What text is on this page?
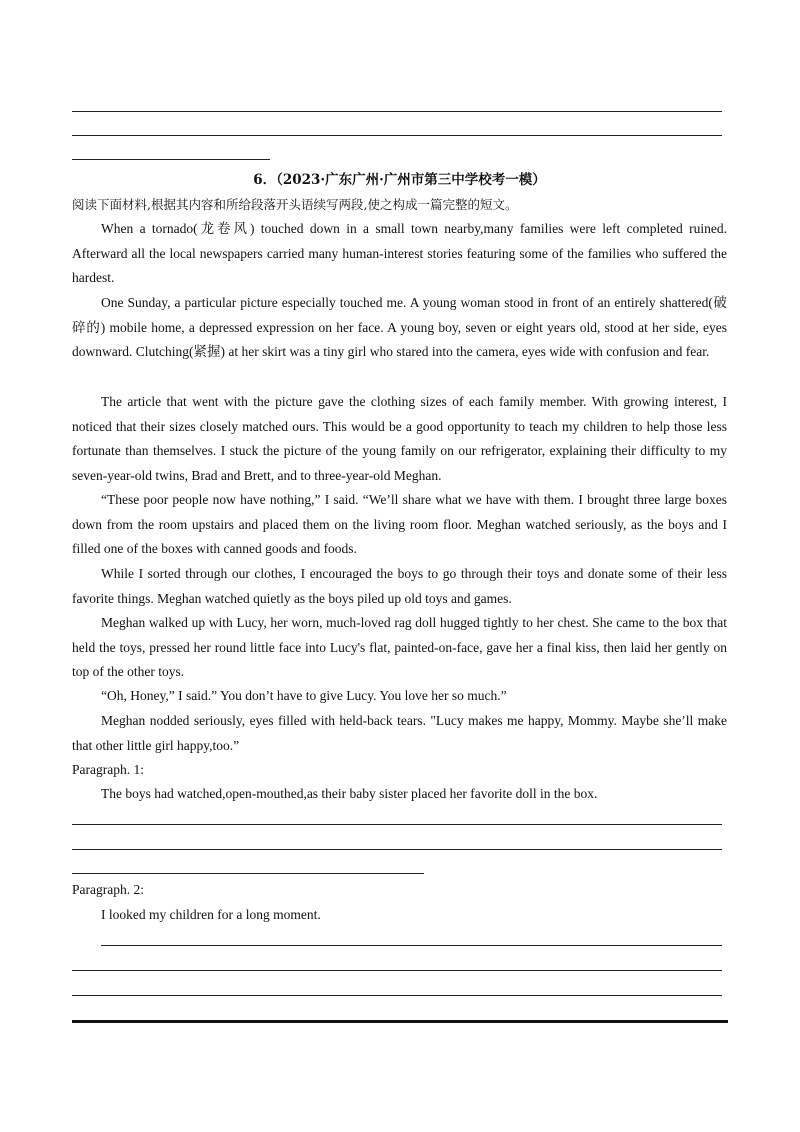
6．（2023·广东广州·广州市第三中学校考一模）
阅读下面材料,根据其内容和所给段落开头语续写两段,使之构成一篇完整的短文。
When a tornado(龙卷风) touched down in a small town nearby,many families were left completed ruined. Afterward all the local newspapers carried many human-interest stories featuring some of the families who suffered the hardest.
One Sunday, a particular picture especially touched me. A young woman stood in front of an entirely shattered(破碎的) mobile home, a depressed expression on her face. A young boy, seven or eight years old, stood at her side, eyes downward. Clutching(紧握) at her skirt was a tiny girl who stared into the camera, eyes wide with confusion and fear.
The article that went with the picture gave the clothing sizes of each family member. With growing interest, I noticed that their sizes closely matched ours. This would be a good opportunity to teach my children to help those less fortunate than themselves. I stuck the picture of the young family on our refrigerator, explaining their difficulty to my seven-year-old twins, Brad and Brett, and to three-year-old Meghan.
“These poor people now have nothing,” I said. “We’ll share what we have with them. I brought three large boxes down from the room upstairs and placed them on the living room floor. Meghan watched seriously, as the boys and I filled one of the boxes with canned goods and foods.
While I sorted through our clothes, I encouraged the boys to go through their toys and donate some of their less favorite things. Meghan watched quietly as the boys piled up old toys and games.
Meghan walked up with Lucy, her worn, much-loved rag doll hugged tightly to her chest. She came to the box that held the toys, pressed her round little face into Lucy's flat, painted-on-face, gave her a final kiss, then laid her gently on top of the other toys.
“Oh, Honey,” I said.” You don’t have to give Lucy. You love her so much.”
Meghan nodded seriously, eyes filled with held-back tears. "Lucy makes me happy, Mommy. Maybe she’ll make that other little girl happy,too.”
Paragraph. 1:
The boys had watched,open-mouthed,as their baby sister placed her favorite doll in the box.
Paragraph. 2:
I looked my children for a long moment.
